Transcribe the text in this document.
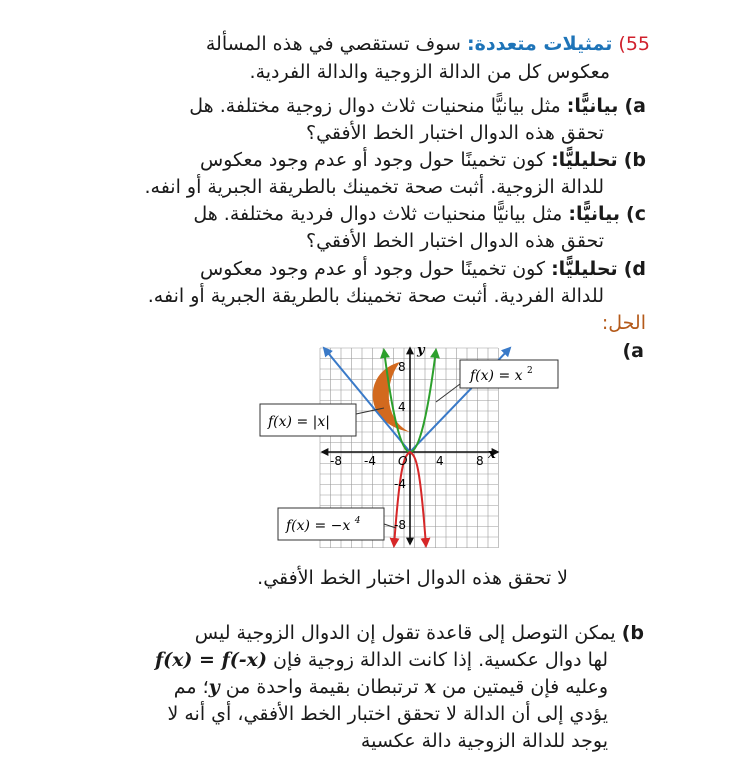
55) تمثيلات متعددة: سوف تستقصي في هذه المسألة
معكوس كل من الدالة الزوجية والدالة الفردية.
a) بيانيًّا: مثل بيانيًّا منحنيات ثلاث دوال زوجية مختلفة. هل
تحقق هذه الدوال اختبار الخط الأفقي؟
b) تحليليًّا: كون تخمينًا حول وجود أو عدم وجود معكوس
للدالة الزوجية. أثبت صحة تخمينك بالطريقة الجبرية أو انفه.
c) بيانيًّا: مثل بيانيًّا منحنيات ثلاث دوال فردية مختلفة. هل
تحقق هذه الدوال اختبار الخط الأفقي؟
d) تحليليًّا: كون تخمينًا حول وجود أو عدم وجود معكوس
للدالة الفردية. أثبت صحة تخمينك بالطريقة الجبرية أو انفه.
الحل:
(a
x
y
-8 -4 O 4	8
8
4
-4
-8
f(x) = x $^2$
f(x) = |x|
f(x) = −x $^4$
لا تحقق هذه الدوال اختبار الخط الأفقي.
b) يمكن التوصل إلى قاعدة تقول إن الدوال الزوجية ليس
لها دوال عكسية. إذا كانت الدالة زوجية فإن f(x) = f(-x)
وعليه فإن قيمتين من x ترتبطان بقيمة واحدة من y؛ مم
يؤدي إلى أن الدالة لا تحقق اختبار الخط الأفقي، أي أنه لا
يوجد للدالة الزوجية دالة عكسية
